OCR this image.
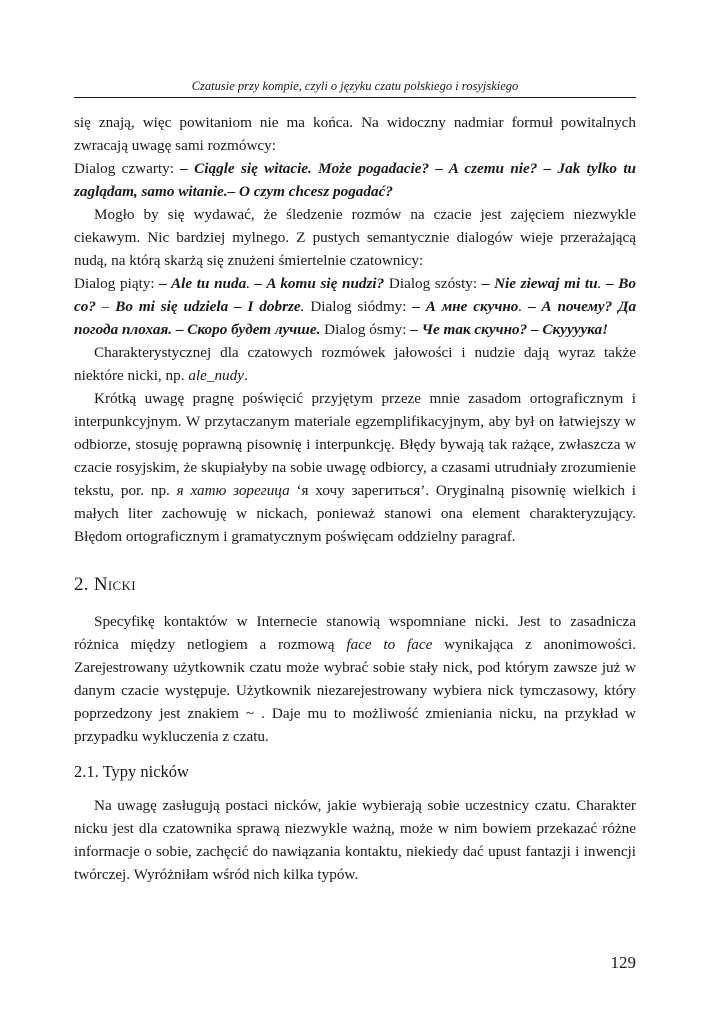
Czatusie przy kompie, czyli o języku czatu polskiego i rosyjskiego

się znają, więc powitaniom nie ma końca. Na widoczny nadmiar formuł powitalnych zwracają uwagę sami rozmówcy:

Dialog czwarty: – Ciągle się witacie. Może pogadacie? – A czemu nie? – Jak tylko tu zaglądam, samo witanie.– O czym chcesz pogadać?

Mogło by się wydawać, że śledzenie rozmów na czacie jest zajęciem niezwykle ciekawym. Nic bardziej mylnego. Z pustych semantycznie dialogów wieje przerażającą nudą, na którą skarżą się znużeni śmiertelnie czatownicy:

Dialog piąty: – Ale tu nuda. – A komu się nudzi? Dialog szósty: – Nie ziewaj mi tu. – Bo co? – Bo mi się udziela – I dobrze. Dialog siódmy: – А мне скучно. – А почему? Да погода плохая. – Скоро будет лучше. Dialog ósmy: – Че так скучно? – Скуууука!

Charakterystycznej dla czatowych rozmówek jałowości i nudzie dają wyraz także niektóre nicki, np. ale_nudy.

Krótką uwagę pragnę poświęcić przyjętym przeze mnie zasadom ortograficznym i interpunkcyjnym. W przytaczanym materiale egzemplifikacyjnym, aby był on łatwiejszy w odbiorze, stosuję poprawną pisownię i interpunkcję. Błędy bywają tak rażące, zwłaszcza w czacie rosyjskim, że skupiałyby na sobie uwagę odbiorcy, a czasami utrudniały zrozumienie tekstu, por. np. я хатю зорегица ‘я хочу зарегиться’. Oryginalną pisownię wielkich i małych liter zachowuję w nickach, ponieważ stanowi ona element charakteryzujący. Błędom ortograficznym i gramatycznym poświęcam oddzielny paragraf.

2. Nicki

Specyfikę kontaktów w Internecie stanowią wspomniane nicki. Jest to zasadnicza różnica między netlogiem a rozmową face to face wynikająca z anonimowości. Zarejestrowany użytkownik czatu może wybrać sobie stały nick, pod którym zawsze już w danym czacie występuje. Użytkownik niezarejestrowany wybiera nick tymczasowy, który poprzedzony jest znakiem ~ . Daje mu to możliwość zmieniania nicku, na przykład w przypadku wykluczenia z czatu.

2.1. Typy nicków

Na uwagę zasługują postaci nicków, jakie wybierają sobie uczestnicy czatu. Charakter nicku jest dla czatownika sprawą niezwykle ważną, może w nim bowiem przekazać różne informacje o sobie, zachęcić do nawiązania kontaktu, niekiedy dać upust fantazji i inwencji twórczej. Wyróżniłam wśród nich kilka typów.

129
